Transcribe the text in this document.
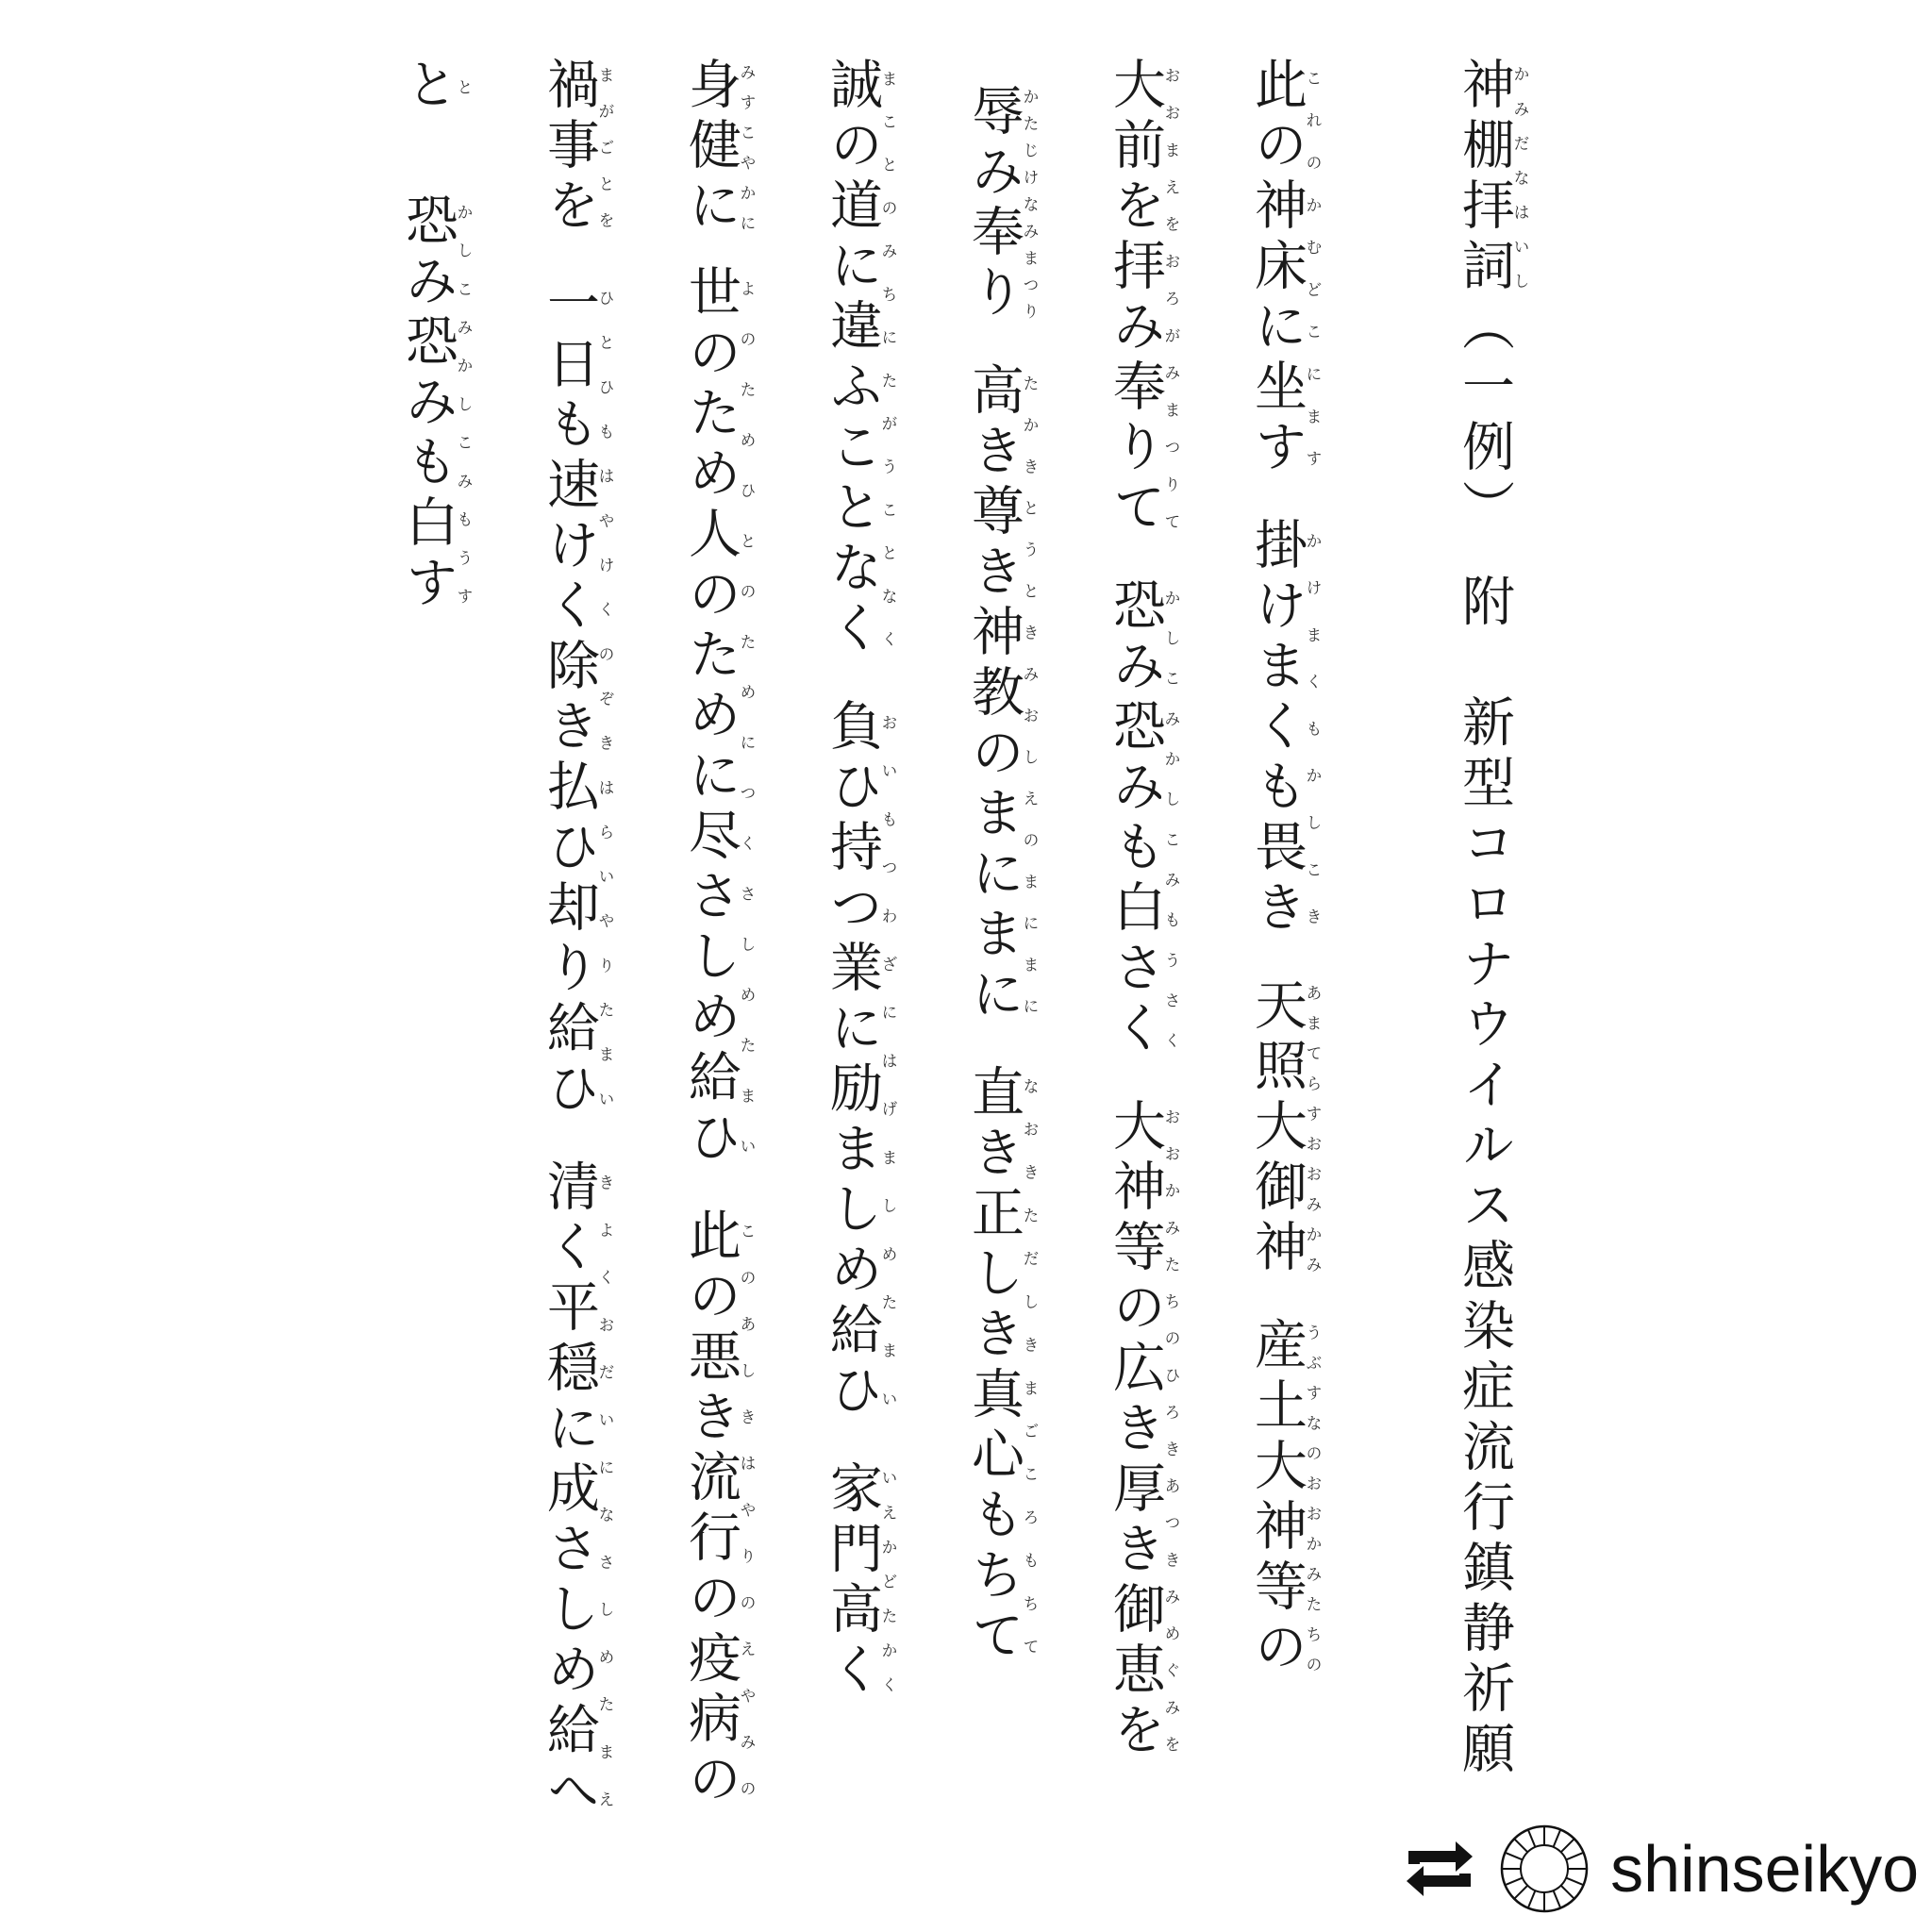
神棚拝詞かみだなはいし（一例）　附　新型コロナウイルス感染症流行鎮静祈願
此の神床に坐すこれのかむどこにます掛けまくも畏きかけまくもかしこき天照大御神あまてらすおおみかみ産土大神等のうぶすなのおおかみたちの
大前を拝み奉りておおまえをおろがみまつりて恐み恐みも白さくかしこみかしこみもうさく大神等の広き厚き御恵をおおかみたちのひろきあつきみめぐみを
辱み奉りかたじけなみまつり高き尊き神教のまにまにたかきとうときみおしえのまにまに直き正しき真心もちてなおきただしきまごころもちて
誠の道に違ふことなくまことのみちにたがうことなく負ひ持つ業に励ましめ給ひおいもつわざにはげましめたまい家門高くいえかどたかく
身健にみすこやかに世のため人のために尽さしめ給ひよのためひとのためにつくさしめたまい此の悪き流行の疫病のこのあしきはやりのえやみの
禍事をまがごとを一日も速けく除き払ひ却り給ひひとひもはやけくのぞきはらいやりたまい清く平穏に成さしめ給へきよくおだいになさしめたまえ
とと恐み恐みも白すかしこみかしこみもうす
shinseikyo
